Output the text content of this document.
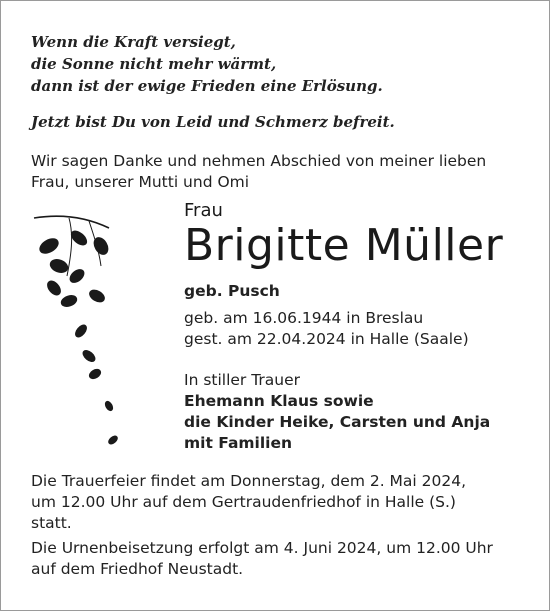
Wenn die Kraft versiegt,
die Sonne nicht mehr wärmt,
dann ist der ewige Frieden eine Erlösung.
Jetzt bist Du von Leid und Schmerz befreit.
Wir sagen Danke und nehmen Abschied von meiner lieben
Frau, unserer Mutti und Omi
Frau
Brigitte Müller
geb. Pusch
geb. am 16.06.1944 in Breslau
gest. am 22.04.2024 in Halle (Saale)
In stiller Trauer
Ehemann Klaus sowie
die Kinder Heike, Carsten und Anja
mit Familien

Die Trauerfeier findet am Donnerstag, dem 2. Mai 2024,
um 12.00 Uhr auf dem Gertraudenfriedhof in Halle (S.)
statt.

Die Urnenbeisetzung erfolgt am 4. Juni 2024, um 12.00 Uhr
auf dem Friedhof Neustadt.
